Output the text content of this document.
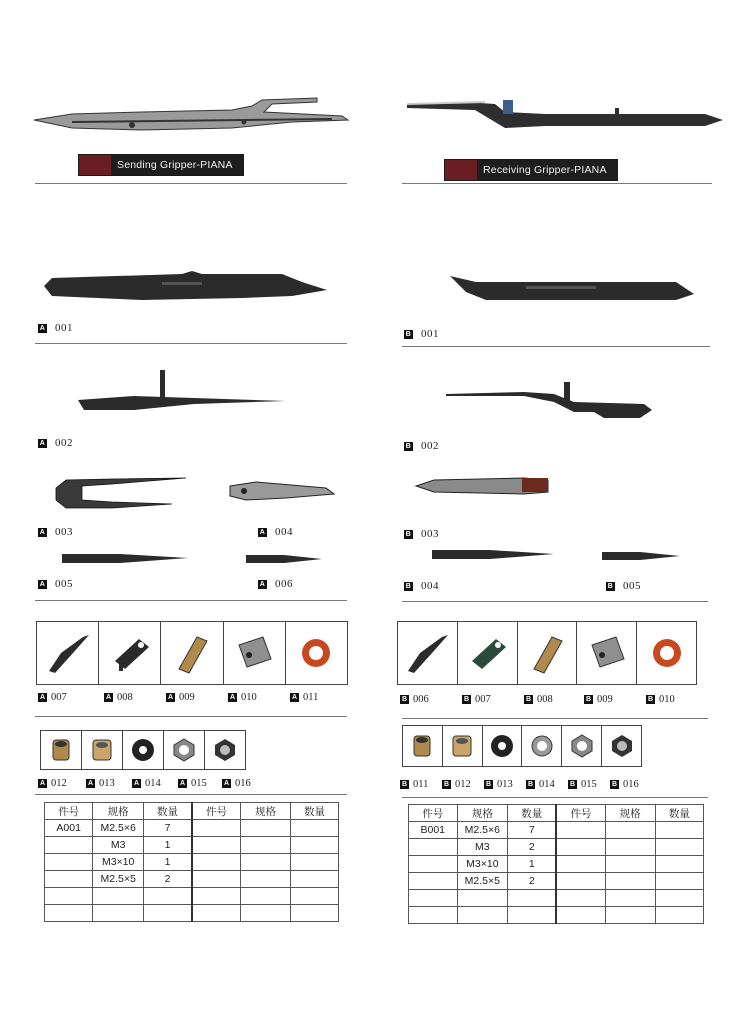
Sending Gripper-PIANA
A 001
A 002
A 003	A 004
A 005	A 006
A 007	A 008	A 009	A 010	A 011
A 012	A 013	A 014	A 015 A 016
件号	规格	数量	件号	规格	数量
A001	M2.5×6	7			
	M3	1			
	M3×10	1			
	M2.5×5	2			

Receiving Gripper-PIANA
B 001
B 002
B 003
B 004	B 005
B 006	B 007	B 008	B 009	B 010
B 011 B 012 B 013 B 014 B 015 B 016
件号	规格	数量	件号	规格	数量
B001	M2.5×6	7			
	M3	2			
	M3×10	1			
	M2.5×5	2			
